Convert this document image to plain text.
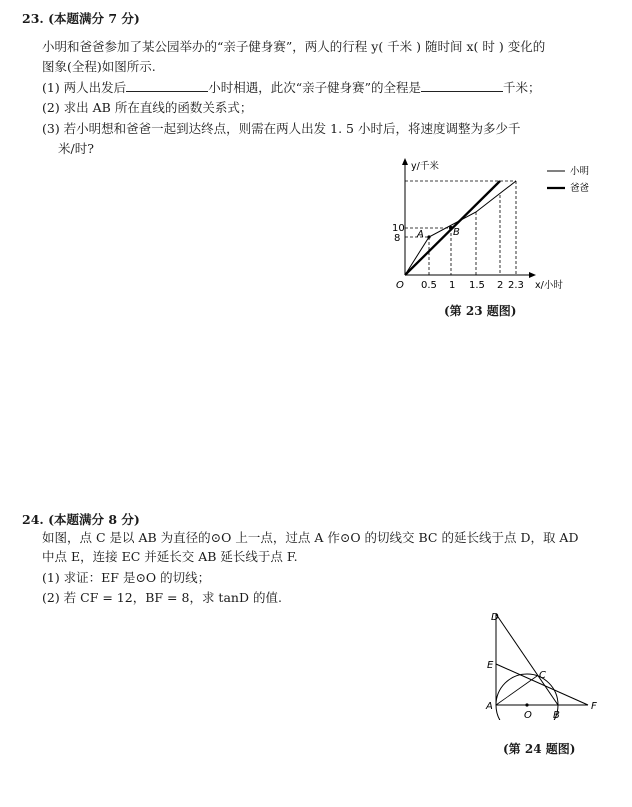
23. (本题满分 7 分)
小明和爸爸参加了某公园举办的“亲子健身赛”，两人的行程 y( 千米 ) 随时间 x( 时 ) 变化的
图象(全程)如图所示.
(1) 两人出发后	小时相遇，此次“亲子健身赛”的全程是	千米；
(2) 求出 AB 所在直线的函数关系式；
(3) 若小明想和爸爸一起到达终点，则需在两人出发 1. 5 小时后，将速度调整为多少千
米/时?
y/千米
x/小时
10
8
O 0.5 1 1.5 2 2.3
A	B
小明
爸爸
(第 23 题图)
24. (本题满分 8 分)
如图，点 C 是以 AB 为直径的⊙O 上一点，过点 A 作⊙O 的切线交 BC 的延长线于点 D，取 AD
中点 E，连接 EC 并延长交 AB 延长线于点 F.
(1) 求证：EF 是⊙O 的切线；
(2) 若 CF = 12，BF = 8，求 tanD 的值.
D
E
C
A
O B
F
(第 24 题图)
